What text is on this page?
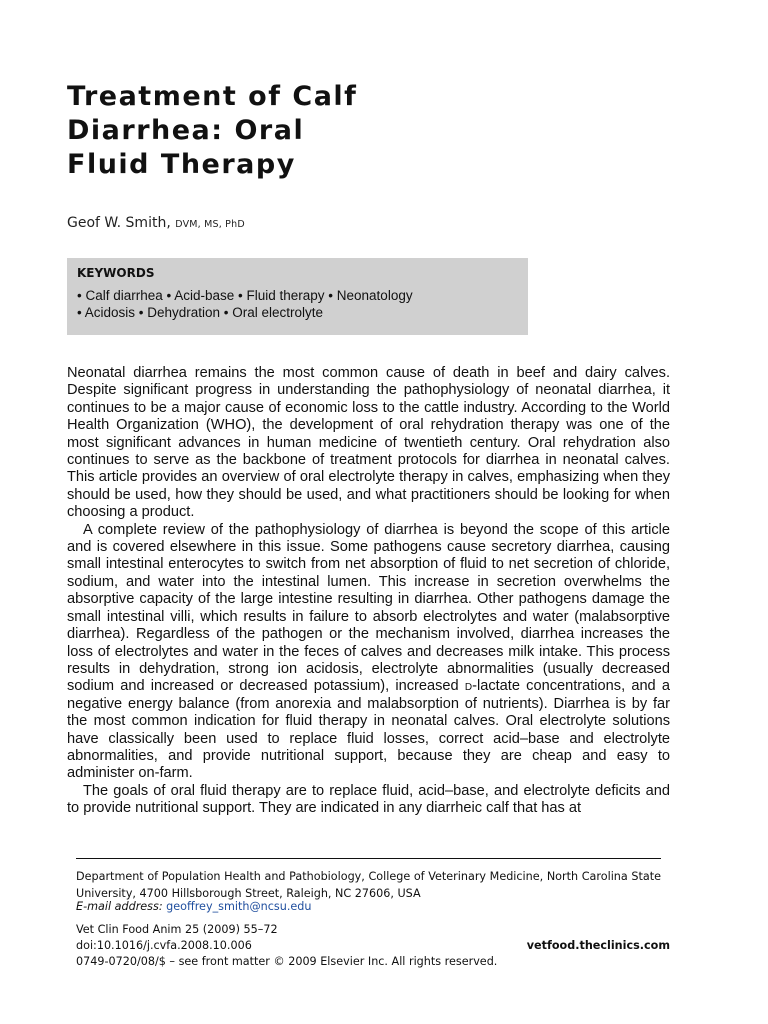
Treatment of Calf
Diarrhea: Oral
Fluid Therapy
Geof W. Smith, DVM, MS, PhD
KEYWORDS
• Calf diarrhea • Acid-base • Fluid therapy • Neonatology
• Acidosis • Dehydration • Oral electrolyte

Neonatal diarrhea remains the most common cause of death in beef and dairy calves. Despite significant progress in understanding the pathophysiology of neonatal diarrhea, it continues to be a major cause of economic loss to the cattle industry. According to the World Health Organization (WHO), the development of oral rehydration therapy was one of the most significant advances in human medicine of twentieth century. Oral rehydration also continues to serve as the backbone of treatment protocols for diarrhea in neonatal calves. This article provides an overview of oral electrolyte therapy in calves, emphasizing when they should be used, how they should be used, and what practitioners should be looking for when choosing a product.

A complete review of the pathophysiology of diarrhea is beyond the scope of this article and is covered elsewhere in this issue. Some pathogens cause secretory diarrhea, causing small intestinal enterocytes to switch from net absorption of fluid to net secretion of chloride, sodium, and water into the intestinal lumen. This increase in secretion overwhelms the absorptive capacity of the large intestine resulting in diarrhea. Other pathogens damage the small intestinal villi, which results in failure to absorb electrolytes and water (malabsorptive diarrhea). Regardless of the pathogen or the mechanism involved, diarrhea increases the loss of electrolytes and water in the feces of calves and decreases milk intake. This process results in dehydration, strong ion acidosis, electrolyte abnormalities (usually decreased sodium and increased or decreased potassium), increased d-lactate concentrations, and a negative energy balance (from anorexia and malabsorption of nutrients). Diarrhea is by far the most common indication for fluid therapy in neonatal calves. Oral electrolyte solutions have classically been used to replace fluid losses, correct acid–base and electrolyte abnormalities, and provide nutritional support, because they are cheap and easy to administer on-farm.

The goals of oral fluid therapy are to replace fluid, acid–base, and electrolyte deficits and to provide nutritional support. They are indicated in any diarrheic calf that has at

Department of Population Health and Pathobiology, College of Veterinary Medicine, North Carolina State University, 4700 Hillsborough Street, Raleigh, NC 27606, USA
E-mail address: geoffrey_smith@ncsu.edu
Vet Clin Food Anim 25 (2009) 55–72
doi:10.1016/j.cvfa.2008.10.006
0749-0720/08/$ – see front matter © 2009 Elsevier Inc. All rights reserved.
vetfood.theclinics.com
